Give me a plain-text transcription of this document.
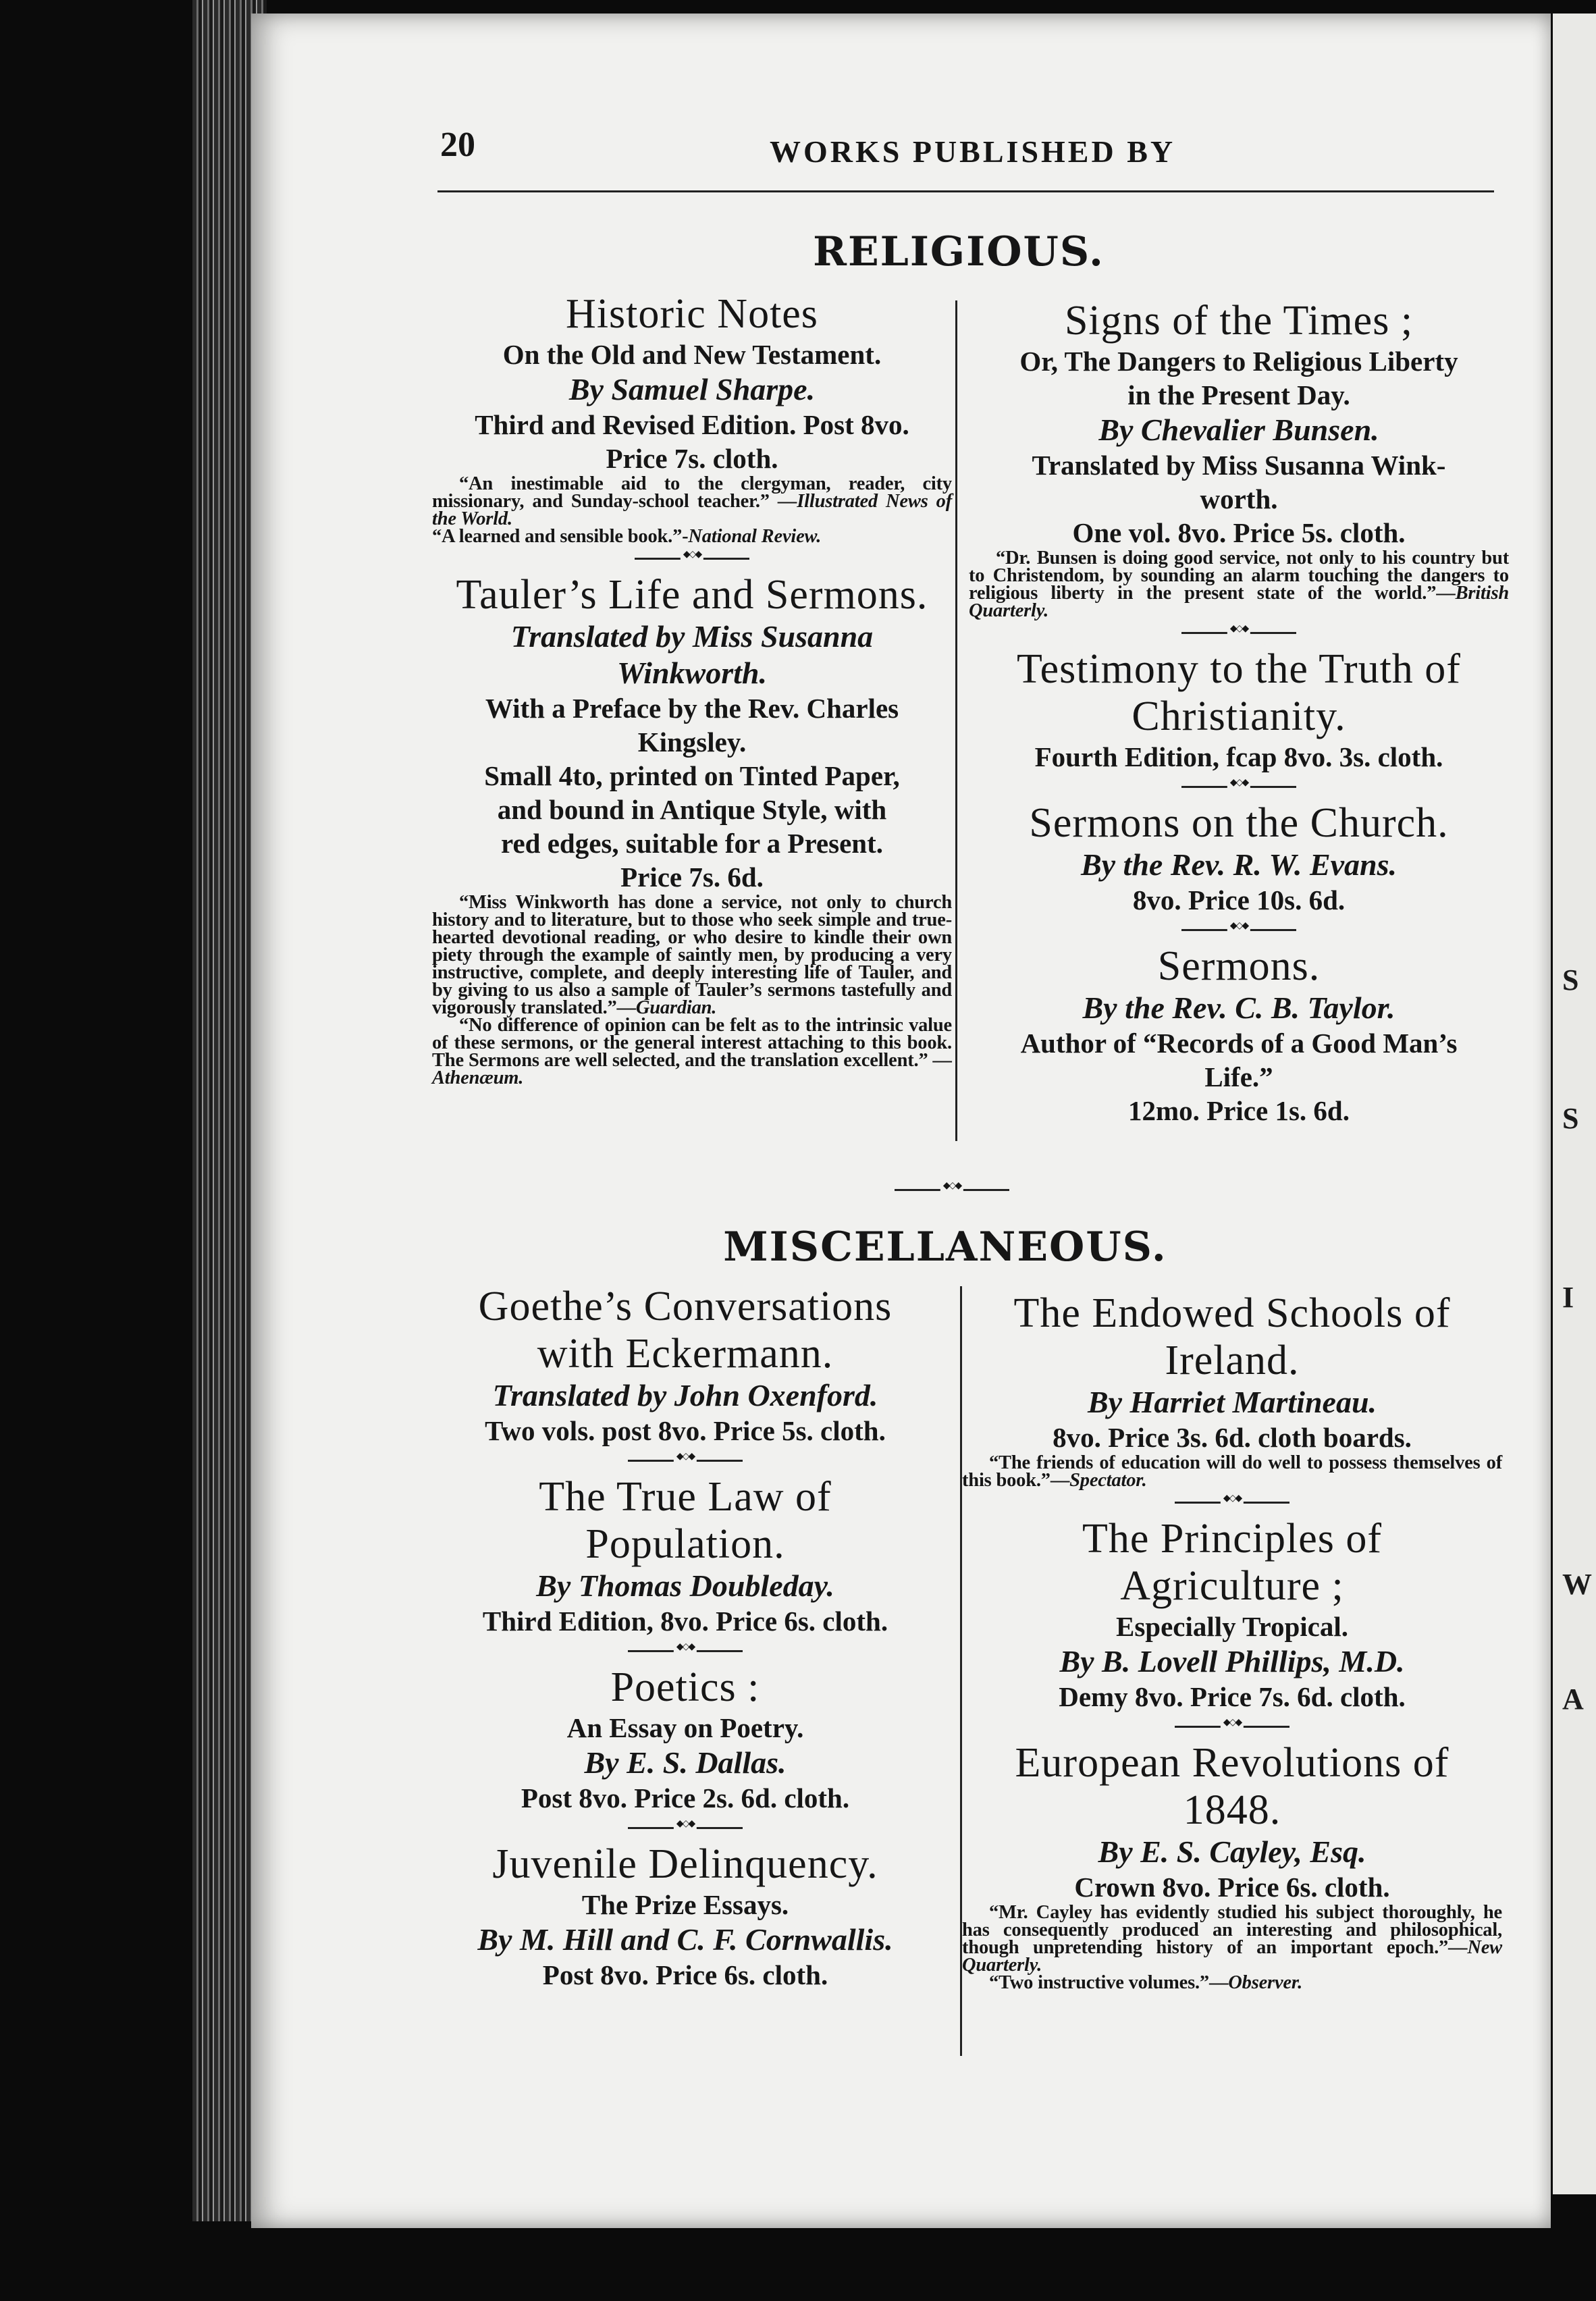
I
S
S
W
A
20	WORKS PUBLISHED BY
RELIGIOUS.
Historic Notes
On the Old and New Testament.
By Samuel Sharpe.
Third and Revised Edition. Post 8vo.
Price 7s. cloth.
“An inestimable aid to the clergyman, reader, city missionary, and Sunday-school teacher.” —Illustrated News of the World.
“A learned and sensible book.”-National Review.
◆◇◆
Tauler’s Life and Sermons.
Translated by Miss Susanna
Winkworth.
With a Preface by the Rev. Charles
Kingsley.
Small 4to, printed on Tinted Paper,
and bound in Antique Style, with
red edges, suitable for a Present.
Price 7s. 6d.
“Miss Winkworth has done a service, not only to church history and to literature, but to those who seek simple and true-hearted devotional reading, or who desire to kindle their own piety through the example of saintly men, by producing a very instructive, complete, and deeply interesting life of Tauler, and by giving to us also a sample of Tauler’s sermons tastefully and vigorously translated.”—Guardian.
“No difference of opinion can be felt as to the intrinsic value of these sermons, or the general interest attaching to this book. The Sermons are well selected, and the translation excellent.” —Athenæum.
Signs of the Times ;
Or, The Dangers to Religious Liberty
in the Present Day.
By Chevalier Bunsen.
Translated by Miss Susanna Wink-
worth.
One vol. 8vo. Price 5s. cloth.
“Dr. Bunsen is doing good service, not only to his country but to Christendom, by sounding an alarm touching the dangers to religious liberty in the present state of the world.”—British Quarterly.
◆◇◆
Testimony to the Truth of
Christianity.
Fourth Edition, fcap 8vo. 3s. cloth.
◆◇◆
Sermons on the Church.
By the Rev. R. W. Evans.
8vo. Price 10s. 6d.
◆◇◆
Sermons.
By the Rev. C. B. Taylor.
Author of “Records of a Good Man’s
Life.”
12mo. Price 1s. 6d.
◆◇◆
MISCELLANEOUS.
Goethe’s Conversations
with Eckermann.
Translated by John Oxenford.
Two vols. post 8vo. Price 5s. cloth.
◆◇◆
The True Law of
Population.
By Thomas Doubleday.
Third Edition, 8vo. Price 6s. cloth.
◆◇◆
Poetics :
An Essay on Poetry.
By E. S. Dallas.
Post 8vo. Price 2s. 6d. cloth.
◆◇◆
Juvenile Delinquency.
The Prize Essays.
By M. Hill and C. F. Cornwallis.
Post 8vo. Price 6s. cloth.
The Endowed Schools of
Ireland.
By Harriet Martineau.
8vo. Price 3s. 6d. cloth boards.
“The friends of education will do well to possess themselves of this book.”—Spectator.
◆◇◆
The Principles of
Agriculture ;
Especially Tropical.
By B. Lovell Phillips, M.D.
Demy 8vo. Price 7s. 6d. cloth.
◆◇◆
European Revolutions of
1848.
By E. S. Cayley, Esq.
Crown 8vo. Price 6s. cloth.
“Mr. Cayley has evidently studied his subject thoroughly, he has consequently produced an interesting and philosophical, though unpretending history of an important epoch.”—New Quarterly.
“Two instructive volumes.”—Observer.
